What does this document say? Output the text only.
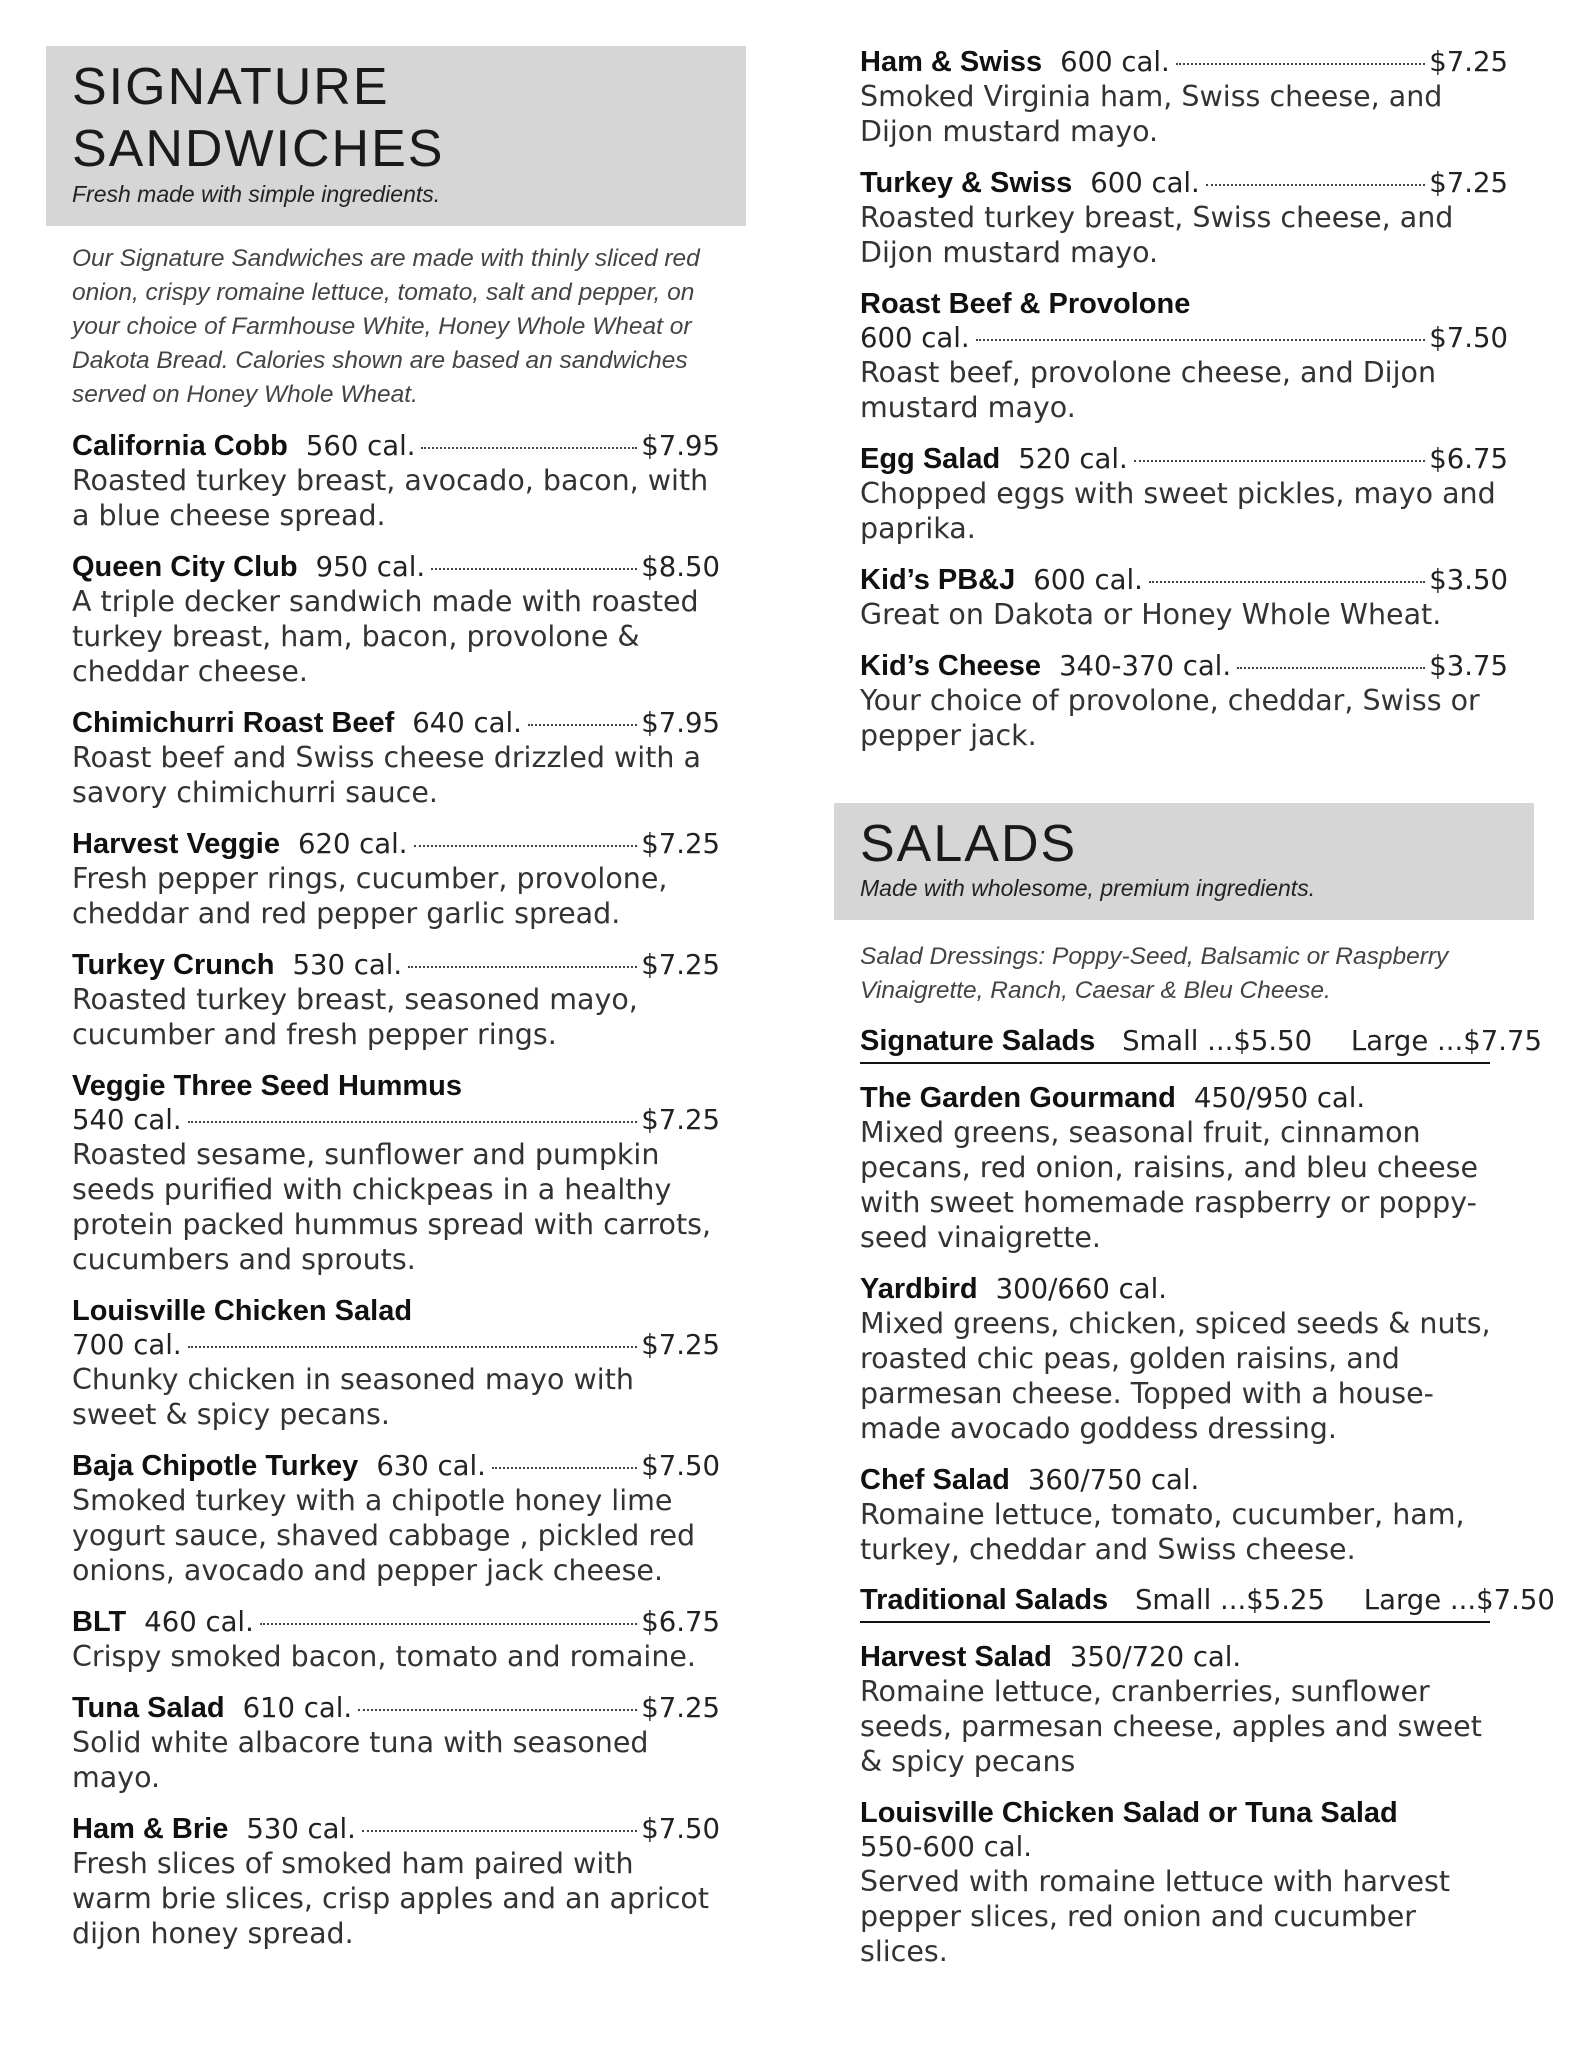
SIGNATURE SANDWICHES
Fresh made with simple ingredients.

Our Signature Sandwiches are made with thinly sliced red onion, crispy romaine lettuce, tomato, salt and pepper, on your choice of Farmhouse White, Honey Whole Wheat or Dakota Bread. Calories shown are based an sandwiches served on Honey Whole Wheat.

California Cobb 560 cal.	$7.95
Roasted turkey breast, avocado, bacon, with a blue cheese spread.
Queen City Club 950 cal.	$8.50
A triple decker sandwich made with roasted turkey breast, ham, bacon, provolone & cheddar cheese.
Chimichurri Roast Beef 640 cal.	$7.95
Roast beef and Swiss cheese drizzled with a savory chimichurri sauce.
Harvest Veggie 620 cal.	$7.25
Fresh pepper rings, cucumber, provolone, cheddar and red pepper garlic spread.
Turkey Crunch 530 cal.	$7.25
Roasted turkey breast, seasoned mayo, cucumber and fresh pepper rings.
Veggie Three Seed Hummus
540 cal.	$7.25
Roasted sesame, sunflower and pumpkin seeds purified with chickpeas in a healthy protein packed hummus spread with carrots, cucumbers and sprouts.
Louisville Chicken Salad
700 cal.	$7.25
Chunky chicken in seasoned mayo with sweet & spicy pecans.
Baja Chipotle Turkey 630 cal.	$7.50
Smoked turkey with a chipotle honey lime yogurt sauce, shaved cabbage , pickled red onions, avocado and pepper jack cheese.
BLT 460 cal.	$6.75
Crispy smoked bacon, tomato and romaine.
Tuna Salad 610 cal.	$7.25
Solid white albacore tuna with seasoned mayo.
Ham & Brie 530 cal.	$7.50
Fresh slices of smoked ham paired with warm brie slices, crisp apples and an apricot dijon honey spread.
Ham & Swiss 600 cal.	$7.25
Smoked Virginia ham, Swiss cheese, and Dijon mustard mayo.
Turkey & Swiss 600 cal.	$7.25
Roasted turkey breast, Swiss cheese, and Dijon mustard mayo.
Roast Beef & Provolone
600 cal.	$7.50
Roast beef, provolone cheese, and Dijon mustard mayo.
Egg Salad 520 cal.	$6.75
Chopped eggs with sweet pickles, mayo and paprika.
Kid’s PB&J 600 cal.	$3.50
Great on Dakota or Honey Whole Wheat.
Kid’s Cheese 340-370 cal.	$3.75
Your choice of provolone, cheddar, Swiss or pepper jack.
SALADS
Made with wholesome, premium ingredients.

Salad Dressings: Poppy-Seed, Balsamic or Raspberry Vinaigrette, Ranch, Caesar & Bleu Cheese.

Signature Salads Small ...$5.50 Large ...$7.75
The Garden Gourmand 450/950 cal.
Mixed greens, seasonal fruit, cinnamon pecans, red onion, raisins, and bleu cheese with sweet homemade raspberry or poppy-seed vinaigrette.
Yardbird 300/660 cal.
Mixed greens, chicken, spiced seeds & nuts, roasted chic peas, golden raisins, and parmesan cheese. Topped with a house-made avocado goddess dressing.
Chef Salad 360/750 cal.
Romaine lettuce, tomato, cucumber, ham, turkey, cheddar and Swiss cheese.
Traditional Salads Small ...$5.25 Large ...$7.50
Harvest Salad 350/720 cal.
Romaine lettuce, cranberries, sunflower seeds, parmesan cheese, apples and sweet & spicy pecans
Louisville Chicken Salad or Tuna Salad
550-600 cal.
Served with romaine lettuce with harvest pepper slices, red onion and cucumber slices.
